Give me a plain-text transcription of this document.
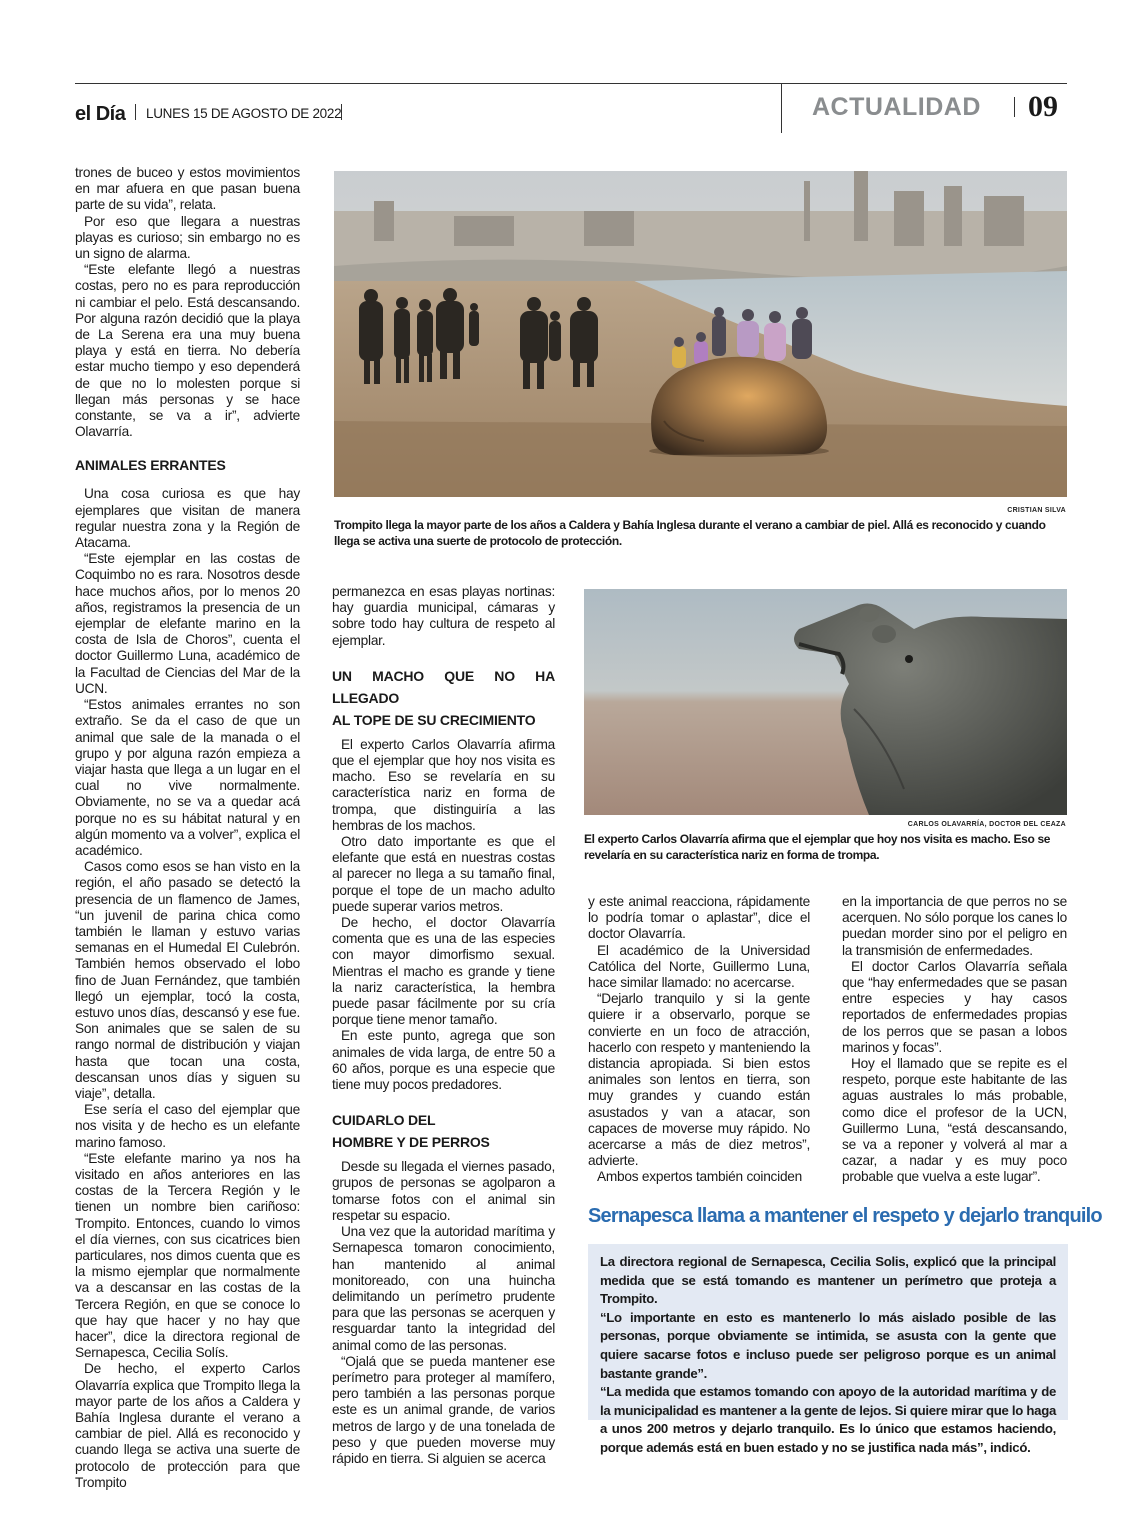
el Día LUNES 15 DE AGOSTO DE 2022	ACTUALIDAD 09

trones de buceo y estos movimientos en mar afuera en que pasan buena parte de su vida”, relata.

Por eso que llegara a nuestras playas es curioso; sin embargo no es un signo de alarma.

“Este elefante llegó a nuestras costas, pero no es para reproducción ni cambiar el pelo. Está descansando. Por alguna razón decidió que la playa de La Serena era una muy buena playa y está en tierra. No debería estar mucho tiempo y eso dependerá de que no lo molesten porque si llegan más personas y se hace constante, se va a ir”, advierte Olavarría.

ANIMALES ERRANTES

Una cosa curiosa es que hay ejemplares que visitan de manera regular nuestra zona y la Región de Atacama.

“Este ejemplar en las costas de Coquimbo no es rara. Nosotros desde hace muchos años, por lo menos 20 años, registramos la presencia de un ejemplar de elefante marino en la costa de Isla de Choros”, cuenta el doctor Guillermo Luna, académico de la Facultad de Ciencias del Mar de la UCN.

“Estos animales errantes no son extraño. Se da el caso de que un animal que sale de la manada o el grupo y por alguna razón empieza a viajar hasta que llega a un lugar en el cual no vive normalmente. Obviamente, no se va a quedar acá porque no es su hábitat natural y en algún momento va a volver”, explica el académico.

Casos como esos se han visto en la región, el año pasado se detectó la presencia de un flamenco de James, “un juvenil de parina chica como también le llaman y estuvo varias semanas en el Humedal El Culebrón. También hemos observado el lobo fino de Juan Fernández, que también llegó un ejemplar, tocó la costa, estuvo unos días, descansó y ese fue. Son animales que se salen de su rango normal de distribución y viajan hasta que tocan una costa, descansan unos días y siguen su viaje”, detalla.

Ese sería el caso del ejemplar que nos visita y de hecho es un elefante marino famoso.

“Este elefante marino ya nos ha visitado en años anteriores en las costas de la Tercera Región y le tienen un nombre bien cariñoso: Trompito. Entonces, cuando lo vimos el día viernes, con sus cicatrices bien particulares, nos dimos cuenta que es la mismo ejemplar que normalmente va a descansar en las costas de la Tercera Región, en que se conoce lo que hay que hacer y no hay que hacer”, dice la directora regional de Sernapesca, Cecilia Solís.

De hecho, el experto Carlos Olavarría explica que Trompito llega la mayor parte de los años a Caldera y Bahía Inglesa durante el verano a cambiar de piel. Allá es reconocido y cuando llega se activa una suerte de protocolo de protección para que Trompito

CRISTIAN SILVA
Trompito llega la mayor parte de los años a Caldera y Bahía Inglesa durante el verano a cambiar de piel. Allá es reconocido y cuando llega se activa una suerte de protocolo de protección.

permanezca en esas playas nortinas: hay guardia municipal, cámaras y sobre todo hay cultura de respeto al ejemplar.

UN MACHO QUE NO HA LLEGADO
AL TOPE DE SU CRECIMIENTO

El experto Carlos Olavarría afirma que el ejemplar que hoy nos visita es macho. Eso se revelaría en su característica nariz en forma de trompa, que distinguiría a las hembras de los machos.

Otro dato importante es que el elefante que está en nuestras costas al parecer no llega a su tamaño final, porque el tope de un macho adulto puede superar varios metros.

De hecho, el doctor Olavarría comenta que es una de las especies con mayor dimorfismo sexual. Mientras el macho es grande y tiene la nariz característica, la hembra puede pasar fácilmente por su cría porque tiene menor tamaño.

En este punto, agrega que son animales de vida larga, de entre 50 a 60 años, porque es una especie que tiene muy pocos predadores.

CUIDARLO DEL
HOMBRE Y DE PERROS

Desde su llegada el viernes pasado, grupos de personas se agolparon a tomarse fotos con el animal sin respetar su espacio.

Una vez que la autoridad marítima y Sernapesca tomaron conocimiento, han mantenido al animal monitoreado, con una huincha delimitando un perímetro prudente para que las personas se acerquen y resguardar tanto la integridad del animal como de las personas.

“Ojalá que se pueda mantener ese perímetro para proteger al mamífero, pero también a las personas porque este es un animal grande, de varios metros de largo y de una tonelada de peso y que pueden moverse muy rápido en tierra. Si alguien se acerca

CARLOS OLAVARRÍA, DOCTOR DEL CEAZA
El experto Carlos Olavarría afirma que el ejemplar que hoy nos visita es macho. Eso se revelaría en su característica nariz en forma de trompa.

y este animal reacciona, rápidamente lo podría tomar o aplastar”, dice el doctor Olavarría.

El académico de la Universidad Católica del Norte, Guillermo Luna, hace similar llamado: no acercarse.

“Dejarlo tranquilo y si la gente quiere ir a observarlo, porque se convierte en un foco de atracción, hacerlo con respeto y manteniendo la distancia apropiada. Si bien estos animales son lentos en tierra, son muy grandes y cuando están asustados y van a atacar, son capaces de moverse muy rápido. No acercarse a más de diez metros”, advierte.

Ambos expertos también coinciden

en la importancia de que perros no se acerquen. No sólo porque los canes lo puedan morder sino por el peligro en la transmisión de enfermedades.

El doctor Carlos Olavarría señala que “hay enfermedades que se pasan entre especies y hay casos reportados de enfermedades propias de los perros que se pasan a lobos marinos y focas”.

Hoy el llamado que se repite es el respeto, porque este habitante de las aguas australes lo más probable, como dice el profesor de la UCN, Guillermo Luna, “está descansando, se va a reponer y volverá al mar a cazar, a nadar y es muy poco probable que vuelva a este lugar”.

Sernapesca llama a mantener el respeto y dejarlo tranquilo

La directora regional de Sernapesca, Cecilia Solis, explicó que la principal medida que se está tomando es mantener un perímetro que proteja a Trompito.

“Lo importante en esto es mantenerlo lo más aislado posible de las personas, porque obviamente se intimida, se asusta con la gente que quiere sacarse fotos e incluso puede ser peligroso porque es un animal bastante grande”.

“La medida que estamos tomando con apoyo de la autoridad marítima y de la municipalidad es mantener a la gente de lejos. Si quiere mirar que lo haga a unos 200 metros y dejarlo tranquilo. Es lo único que estamos haciendo, porque además está en buen estado y no se justifica nada más”, indicó.
